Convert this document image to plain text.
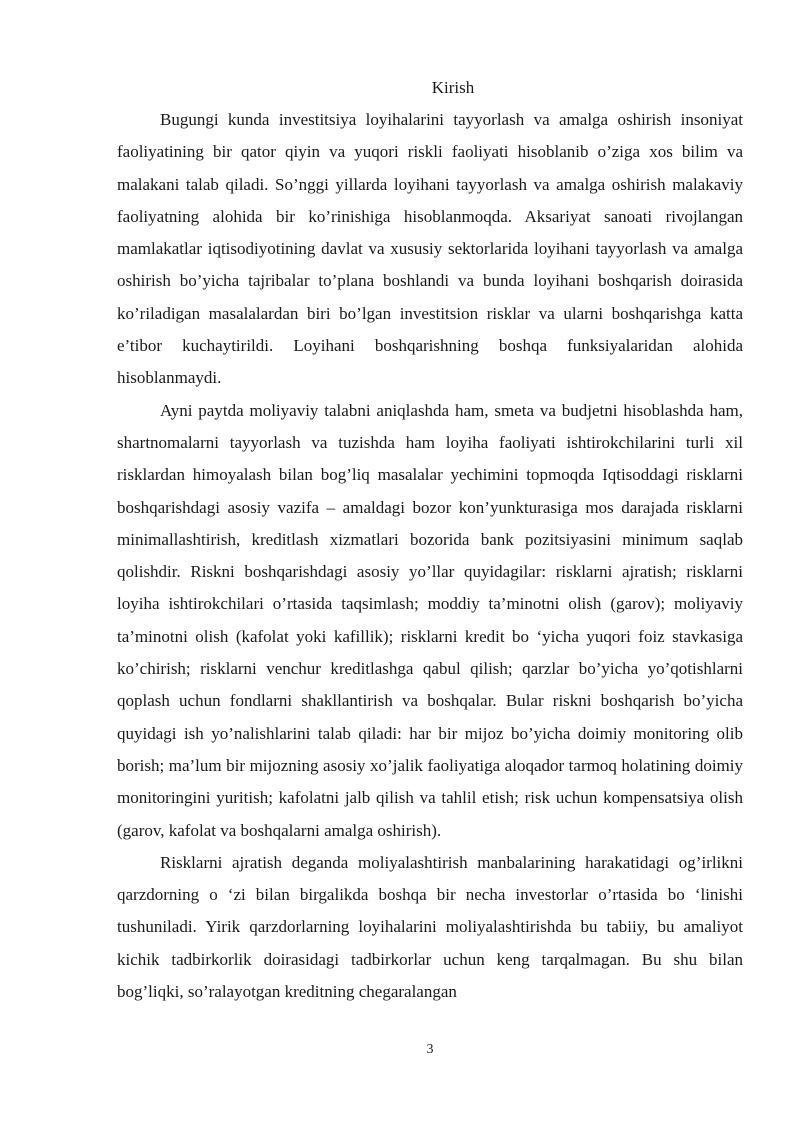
Kirish

Bugungi kunda investitsiya loyihalarini tayyorlash va amalga oshirish insoniyat faoliyatining bir qator qiyin va yuqori riskli faoliyati hisoblanib o’ziga xos bilim va malakani talab qiladi. So’nggi yillarda loyihani tayyorlash va amalga oshirish malakaviy faoliyatning alohida bir ko’rinishiga hisoblanmoqda. Aksariyat sanoati rivojlangan mamlakatlar iqtisodiyotining davlat va xususiy sektorlarida loyihani tayyorlash va amalga oshirish bo’yicha tajribalar to’plana boshlandi va bunda loyihani boshqarish doirasida ko’riladigan masalalardan biri bo’lgan investitsion risklar va ularni boshqarishga katta e’tibor kuchaytirildi. Loyihani boshqarishning boshqa funksiyalaridan alohida hisoblanmaydi.

Ayni paytda moliyaviy talabni aniqlashda ham, smeta va budjetni hisoblashda ham, shartnomalarni tayyorlash va tuzishda ham loyiha faoliyati ishtirokchilarini turli xil risklardan himoyalash bilan bog’liq masalalar yechimini topmoqda Iqtisoddagi risklarni boshqarishdagi asosiy vazifa – amaldagi bozor kon’yunkturasiga mos darajada risklarni minimallashtirish, kreditlash xizmatlari bozorida bank pozitsiyasini minimum saqlab qolishdir. Riskni boshqarishdagi asosiy yo’llar quyidagilar: risklarni ajratish; risklarni loyiha ishtirokchilari o’rtasida taqsimlash; moddiy ta’minotni olish (garov); moliyaviy ta’minotni olish (kafolat yoki kafillik); risklarni kredit bo ‘yicha yuqori foiz stavkasiga ko’chirish; risklarni venchur kreditlashga qabul qilish; qarzlar bo’yicha yo’qotishlarni qoplash uchun fondlarni shakllantirish va boshqalar. Bular riskni boshqarish bo’yicha quyidagi ish yo’nalishlarini talab qiladi: har bir mijoz bo’yicha doimiy monitoring olib borish; ma’lum bir mijozning asosiy xo’jalik faoliyatiga aloqador tarmoq holatining doimiy monitoringini yuritish; kafolatni jalb qilish va tahlil etish; risk uchun kompensatsiya olish (garov, kafolat va boshqalarni amalga oshirish).

Risklarni ajratish deganda moliyalashtirish manbalarining harakatidagi og’irlikni qarzdorning o ‘zi bilan birgalikda boshqa bir necha investorlar o’rtasida bo ‘linishi tushuniladi. Yirik qarzdorlarning loyihalarini moliyalashtirishda bu tabiiy, bu amaliyot kichik tadbirkorlik doirasidagi tadbirkorlar uchun keng tarqalmagan. Bu shu bilan bog’liqki, so’ralayotgan kreditning chegaralangan

3
